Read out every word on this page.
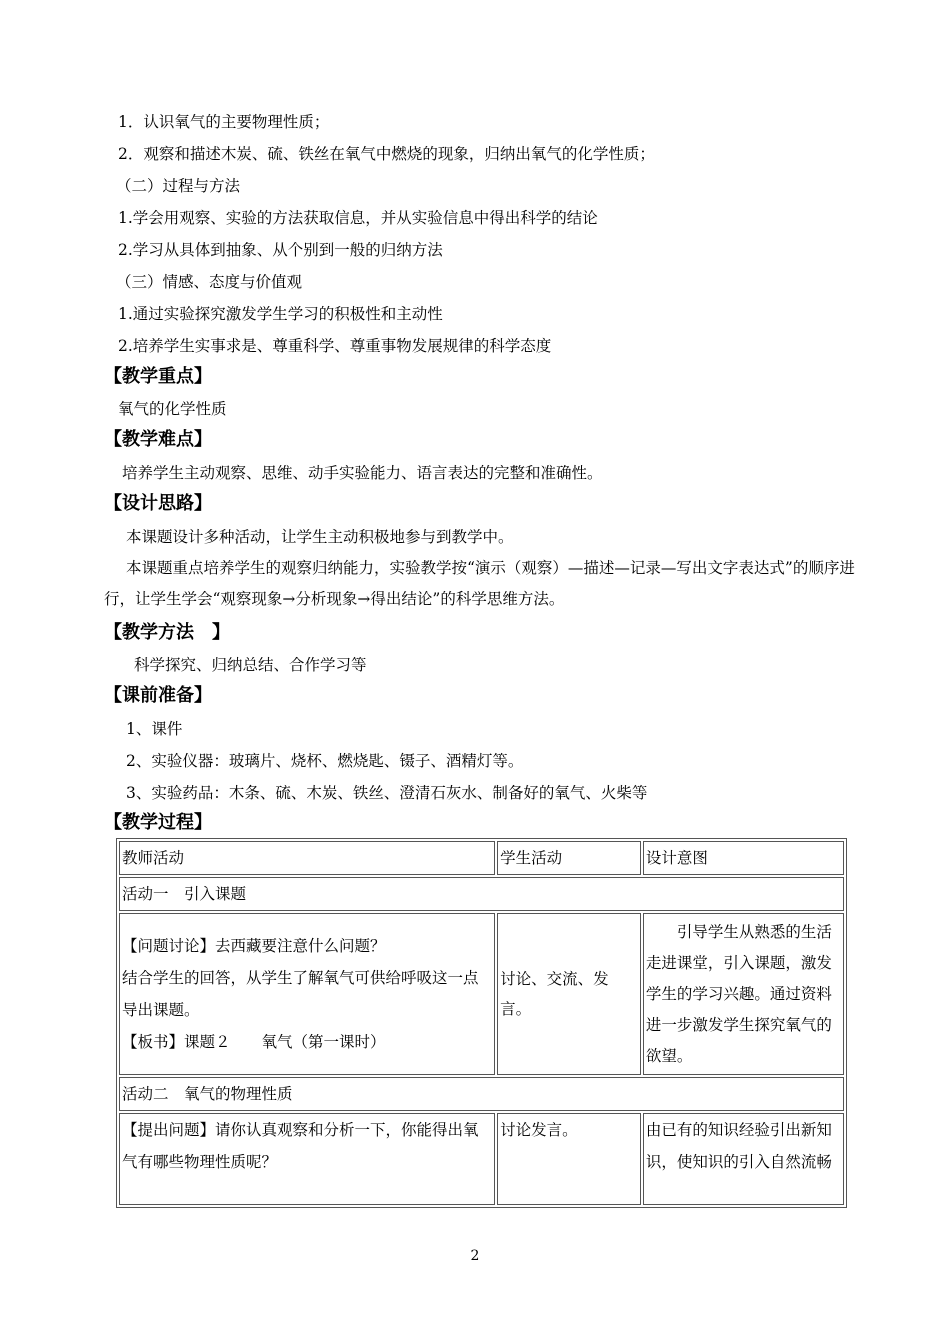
1．认识氧气的主要物理性质；
2．观察和描述木炭、硫、铁丝在氧气中燃烧的现象，归纳出氧气的化学性质；
（二）过程与方法
1.学会用观察、实验的方法获取信息，并从实验信息中得出科学的结论
2.学习从具体到抽象、从个别到一般的归纳方法
（三）情感、态度与价值观
1.通过实验探究激发学生学习的积极性和主动性
2.培养学生实事求是、尊重科学、尊重事物发展规律的科学态度
【教学重点】
氧气的化学性质
【教学难点】
培养学生主动观察、思维、动手实验能力、语言表达的完整和准确性。
【设计思路】
本课题设计多种活动，让学生主动积极地参与到教学中。
本课题重点培养学生的观察归纳能力，实验教学按“演示（观察）—描述—记录—写出文字表达式”的顺序进行，让学生学会“观察现象→分析现象→得出结论”的科学思维方法。
【教学方法　】
科学探究、归纳总结、合作学习等
【课前准备】
1、课件
2、实验仪器：玻璃片、烧杯、燃烧匙、镊子、酒精灯等。
3、实验药品：木条、硫、木炭、铁丝、澄清石灰水、制备好的氧气、火柴等
【教学过程】
教师活动	学生活动	设计意图
活动一　引入课题		

【问题讨论】去西藏要注意什么问题？
结合学生的回答，从学生了解氧气可供给呼吸这一点导出课题。
【板书】课题２　　氧气（第一课时）	讨论、交流、发言。	　　引导学生从熟悉的生活走进课堂，引入课题，激发学生的学习兴趣。通过资料进一步激发学生探究氧气的欲望。
活动二　氧气的物理性质		
【提出问题】请你认真观察和分析一下，你能得出氧气有哪些物理性质呢？	讨论发言。	由已有的知识经验引出新知识，使知识的引入自然流畅
2
